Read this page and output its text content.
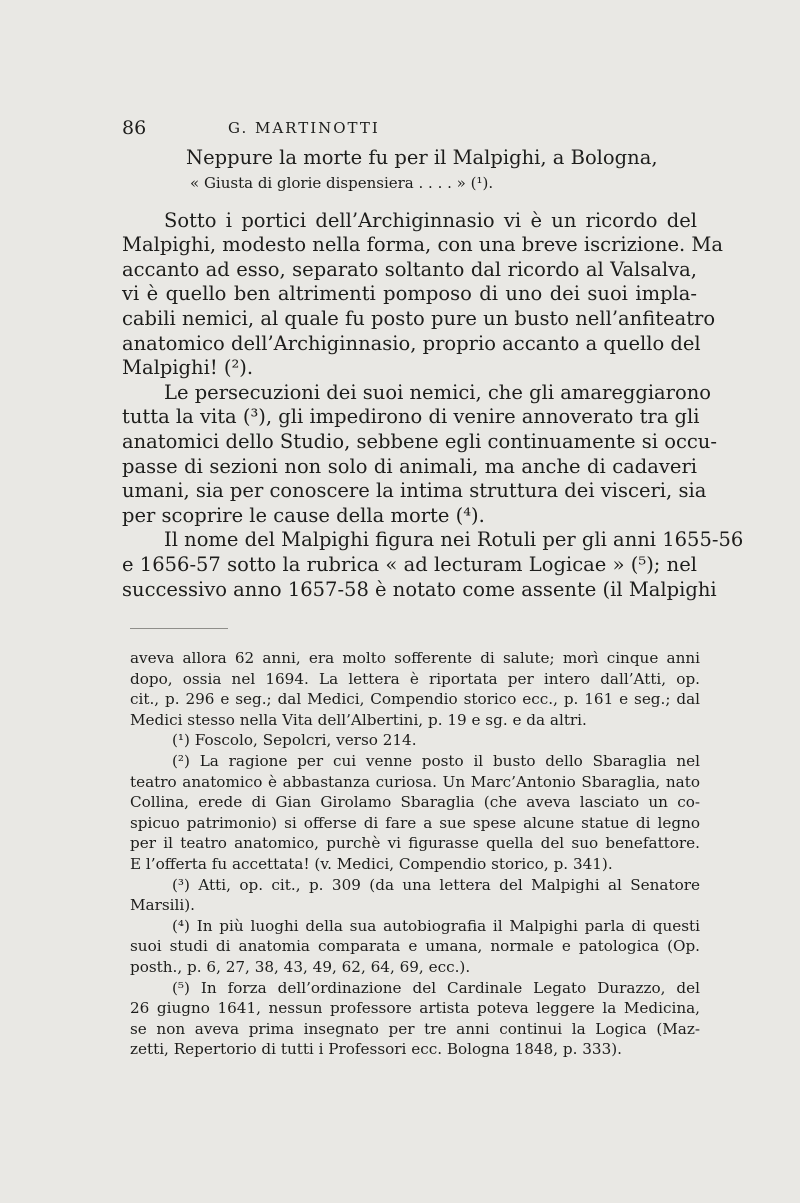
86	G. MARTINOTTI
Neppure la morte fu per il Malpighi, a Bologna,
« Giusta di glorie dispensiera . . . . » (¹).
Sotto i portici dell’Archiginnasio vi è un ricordo del
Malpighi, modesto nella forma, con una breve iscrizione. Ma
accanto ad esso, separato soltanto dal ricordo al Valsalva,
vi è quello ben altrimenti pomposo di uno dei suoi impla-
cabili nemici, al quale fu posto pure un busto nell’anfiteatro
anatomico dell’Archiginnasio, proprio accanto a quello del
Malpighi! (²).
Le persecuzioni dei suoi nemici, che gli amareggiarono
tutta la vita (³), gli impedirono di venire annoverato tra gli
anatomici dello Studio, sebbene egli continuamente si occu-
passe di sezioni non solo di animali, ma anche di cadaveri
umani, sia per conoscere la intima struttura dei visceri, sia
per scoprire le cause della morte (⁴).
Il nome del Malpighi figura nei Rotuli per gli anni 1655-56
e 1656-57 sotto la rubrica « ad lecturam Logicae » (⁵); nel
successivo anno 1657-58 è notato come assente (il Malpighi
aveva allora 62 anni, era molto sofferente di salute; morì cinque anni
dopo, ossia nel 1694. La lettera è riportata per intero dall’Atti, op.
cit., p. 296 e seg.; dal Medici, Compendio storico ecc., p. 161 e seg.; dal
Medici stesso nella Vita dell’Albertini, p. 19 e sg. e da altri.
(¹) Foscolo, Sepolcri, verso 214.
(²) La ragione per cui venne posto il busto dello Sbaraglia nel
teatro anatomico è abbastanza curiosa. Un Marc’Antonio Sbaraglia, nato
Collina, erede di Gian Girolamo Sbaraglia (che aveva lasciato un co-
spicuo patrimonio) si offerse di fare a sue spese alcune statue di legno
per il teatro anatomico, purchè vi figurasse quella del suo benefattore.
E l’offerta fu accettata! (v. Medici, Compendio storico, p. 341).
(³) Atti, op. cit., p. 309 (da una lettera del Malpighi al Senatore
Marsili).
(⁴) In più luoghi della sua autobiografia il Malpighi parla di questi
suoi studi di anatomia comparata e umana, normale e patologica (Op.
posth., p. 6, 27, 38, 43, 49, 62, 64, 69, ecc.).
(⁵) In forza dell’ordinazione del Cardinale Legato Durazzo, del
26 giugno 1641, nessun professore artista poteva leggere la Medicina,
se non aveva prima insegnato per tre anni continui la Logica (Maz-
zetti, Repertorio di tutti i Professori ecc. Bologna 1848, p. 333).
